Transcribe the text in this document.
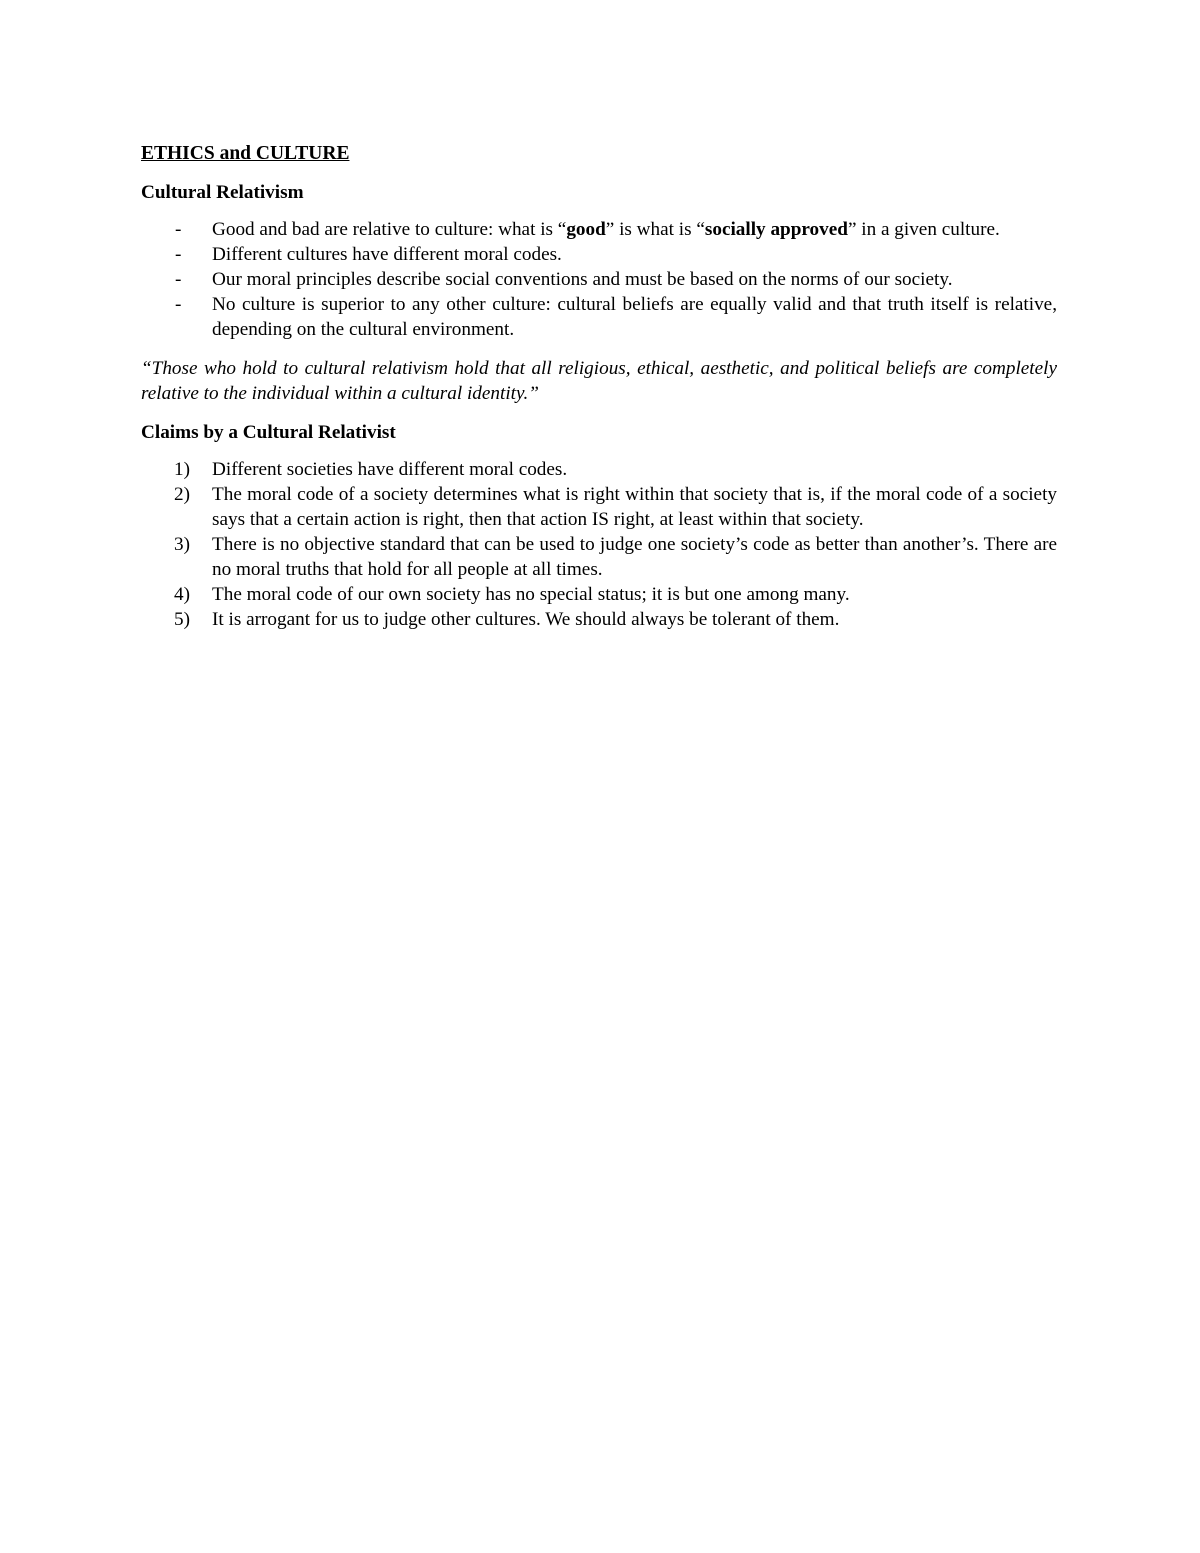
ETHICS and CULTURE
Cultural Relativism
- Good and bad are relative to culture: what is “good” is what is “socially approved” in a given culture.
- Different cultures have different moral codes.
- Our moral principles describe social conventions and must be based on the norms of our society.
- No culture is superior to any other culture: cultural beliefs are equally valid and that truth itself is relative, depending on the cultural environment.

“Those who hold to cultural relativism hold that all religious, ethical, aesthetic, and political beliefs are completely relative to the individual within a cultural identity.”

Claims by a Cultural Relativist
1) Different societies have different moral codes.
2) The moral code of a society determines what is right within that society that is, if the moral code of a society says that a certain action is right, then that action IS right, at least within that society.
3) There is no objective standard that can be used to judge one society’s code as better than another’s. There are no moral truths that hold for all people at all times.
4) The moral code of our own society has no special status; it is but one among many.
5) It is arrogant for us to judge other cultures. We should always be tolerant of them.
